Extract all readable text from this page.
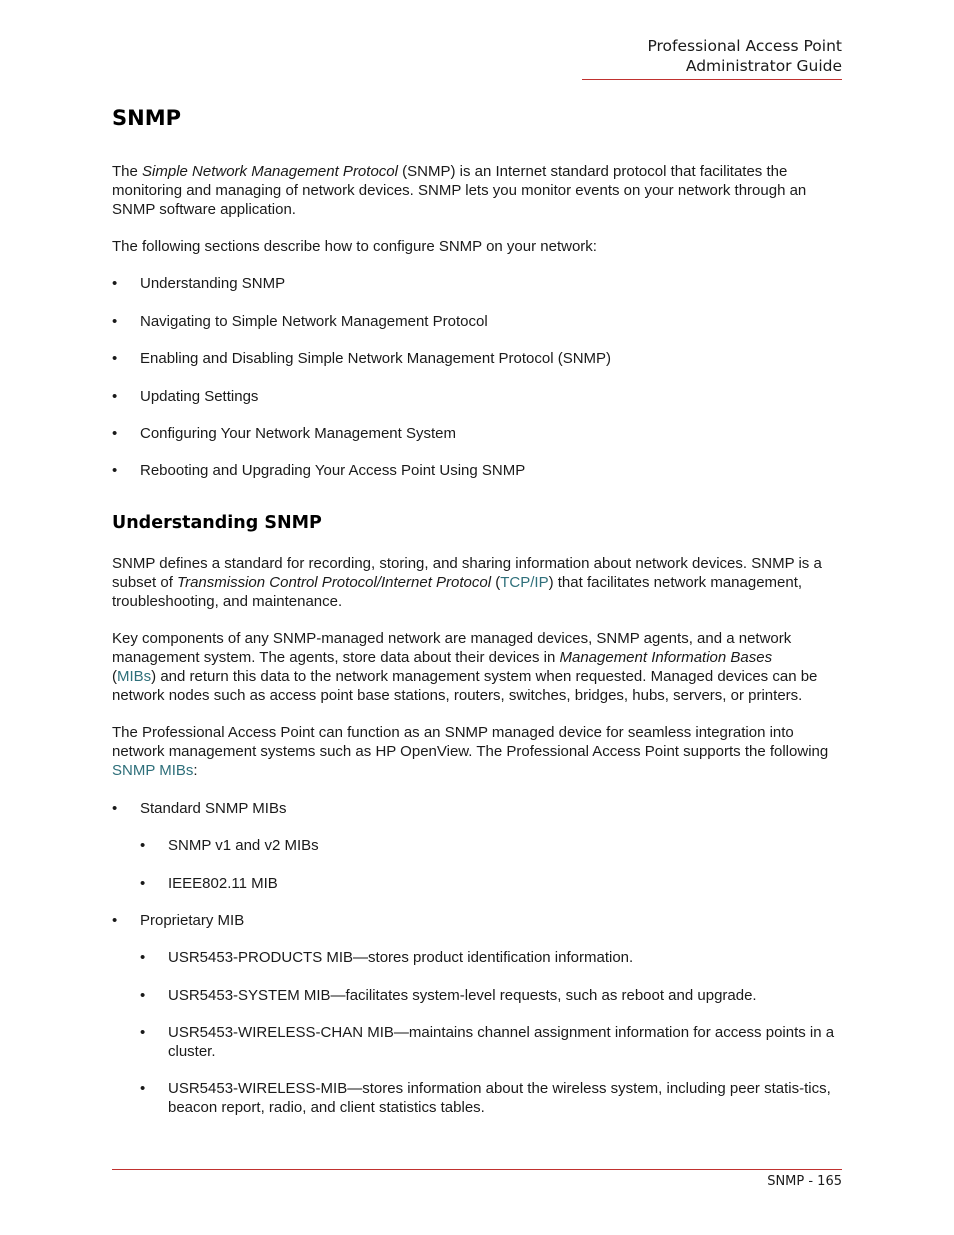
Professional Access Point
Administrator Guide
SNMP

The Simple Network Management Protocol (SNMP) is an Internet standard protocol that facilitates the monitoring and managing of network devices. SNMP lets you monitor events on your network through an SNMP software application.

The following sections describe how to configure SNMP on your network:

• Understanding SNMP
• Navigating to Simple Network Management Protocol
• Enabling and Disabling Simple Network Management Protocol (SNMP)
• Updating Settings
• Configuring Your Network Management System
• Rebooting and Upgrading Your Access Point Using SNMP
Understanding SNMP

SNMP defines a standard for recording, storing, and sharing information about network devices. SNMP is a subset of Transmission Control Protocol/Internet Protocol (TCP/IP) that facilitates network management, troubleshooting, and maintenance.

Key components of any SNMP-managed network are managed devices, SNMP agents, and a network management system. The agents, store data about their devices in Management Information Bases
(MIBs) and return this data to the network management system when requested. Managed devices can be network nodes such as access point base stations, routers, switches, bridges, hubs, servers, or printers.

The Professional Access Point can function as an SNMP managed device for seamless integration into network management systems such as HP OpenView. The Professional Access Point supports the following SNMP MIBs:

• Standard SNMP MIBs
• SNMP v1 and v2 MIBs
• IEEE802.11 MIB
• Proprietary MIB
• USR5453-PRODUCTS MIB—stores product identification information.
• USR5453-SYSTEM MIB—facilitates system-level requests, such as reboot and upgrade.
• USR5453-WIRELESS-CHAN MIB—maintains channel assignment information for access points in a cluster.
• USR5453-WIRELESS-MIB—stores information about the wireless system, including peer statis-tics, beacon report, radio, and client statistics tables.
SNMP - 165
